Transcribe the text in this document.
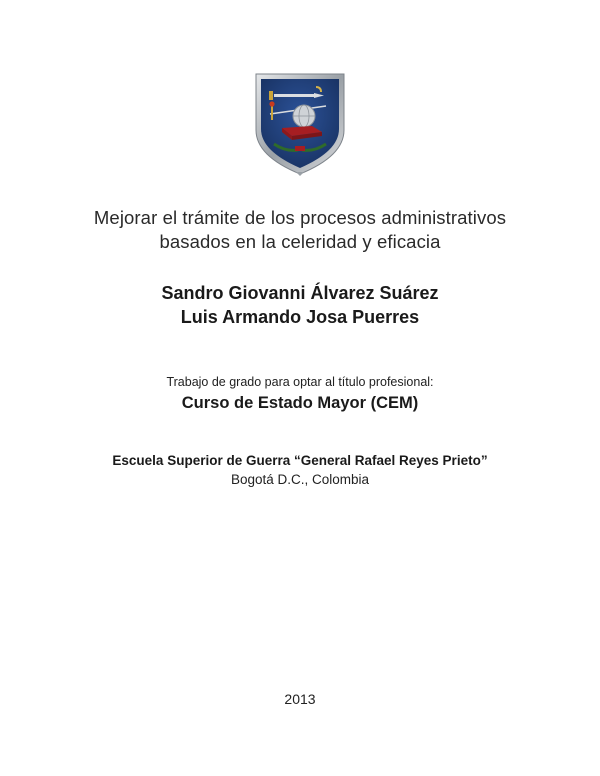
Mejorar el trámite de los procesos administrativos
basados en la celeridad y eficacia
Sandro Giovanni Álvarez Suárez
Luis Armando Josa Puerres
Trabajo de grado para optar al título profesional:
Curso de Estado Mayor (CEM)
Escuela Superior de Guerra “General Rafael Reyes Prieto”
Bogotá D.C., Colombia
2013
